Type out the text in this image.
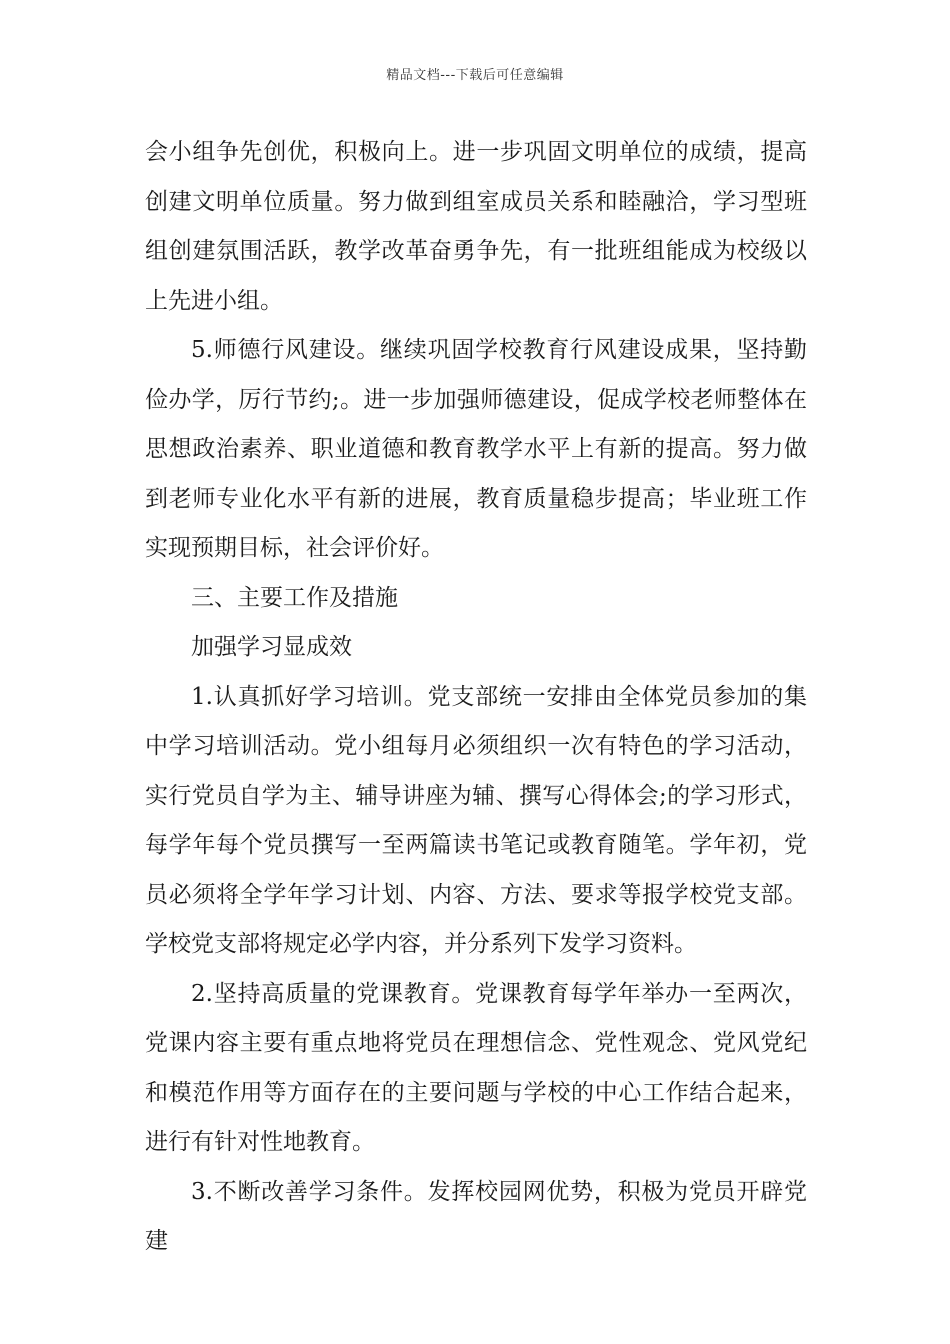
精品文档---下载后可任意编辑

会小组争先创优，积极向上。进一步巩固文明单位的成绩，提高创建文明单位质量。努力做到组室成员关系和睦融洽，学习型班组创建氛围活跃，教学改革奋勇争先，有一批班组能成为校级以上先进小组。

5.师德行风建设。继续巩固学校教育行风建设成果，坚持勤俭办学，厉行节约;。进一步加强师德建设，促成学校老师整体在思想政治素养、职业道德和教育教学水平上有新的提高。努力做到老师专业化水平有新的进展，教育质量稳步提高；毕业班工作实现预期目标，社会评价好。

三、主要工作及措施

加强学习显成效

1.认真抓好学习培训。党支部统一安排由全体党员参加的集中学习培训活动。党小组每月必须组织一次有特色的学习活动，实行党员自学为主、辅导讲座为辅、撰写心得体会;的学习形式，每学年每个党员撰写一至两篇读书笔记或教育随笔。学年初，党员必须将全学年学习计划、内容、方法、要求等报学校党支部。学校党支部将规定必学内容，并分系列下发学习资料。

2.坚持高质量的党课教育。党课教育每学年举办一至两次，党课内容主要有重点地将党员在理想信念、党性观念、党风党纪和模范作用等方面存在的主要问题与学校的中心工作结合起来，进行有针对性地教育。

3.不断改善学习条件。发挥校园网优势，积极为党员开辟党建
